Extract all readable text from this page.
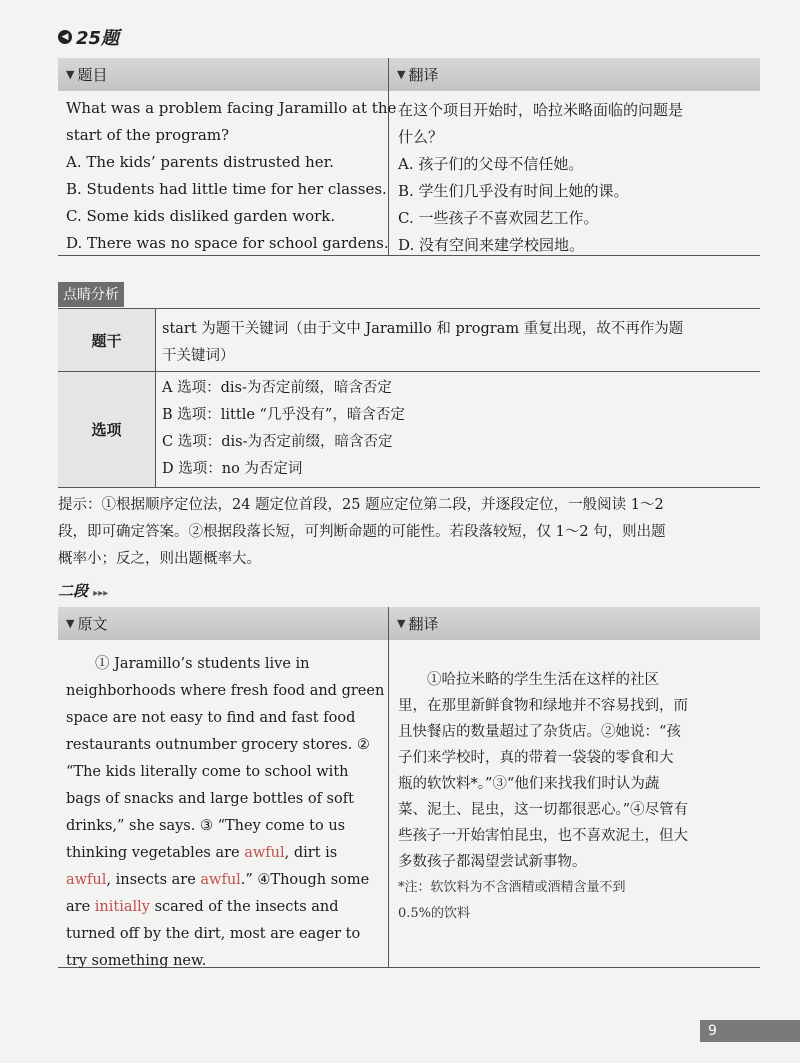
◀ 25题
▼ 题目	▼ 翻译
What was a problem facing Jaramillo at the
start of the program?
A. The kids’ parents distrusted her.
B. Students had little time for her classes.
C. Some kids disliked garden work.
D. There was no space for school gardens.
在这个项目开始时，哈拉米略面临的问题是
什么？
A. 孩子们的父母不信任她。
B. 学生们几乎没有时间上她的课。
C. 一些孩子不喜欢园艺工作。
D. 没有空间来建学校园地。
点睛分析
题干
选项
start 为题干关键词（由于文中 Jaramillo 和 program 重复出现，故不再作为题
干关键词）
A 选项：dis-为否定前缀，暗含否定
B 选项：little “几乎没有”，暗含否定
C 选项：dis-为否定前缀，暗含否定
D 选项：no 为否定词

提示：①根据顺序定位法，24 题定位首段，25 题应定位第二段，并逐段定位，一般阅读 1～2

段，即可确定答案。②根据段落长短，可判断命题的可能性。若段落较短，仅 1～2 句，则出题

概率小；反之，则出题概率大。

二段 ▸▸▸
▼ 原文	▼ 翻译

　　① Jaramillo’s students live in

neighborhoods where fresh food and green

space are not easy to find and fast food

restaurants outnumber grocery stores. ②

“The kids literally come to school with

bags of snacks and large bottles of soft

drinks,” she says. ③ “They come to us

thinking vegetables are awful, dirt is

awful, insects are awful.” ④Though some

are initially scared of the insects and

turned off by the dirt, most are eager to

try something new.

　　①哈拉米略的学生生活在这样的社区

里，在那里新鲜食物和绿地并不容易找到，而

且快餐店的数量超过了杂货店。②她说：“孩

子们来学校时，真的带着一袋袋的零食和大

瓶的软饮料*。”③“他们来找我们时认为蔬

菜、泥土、昆虫，这一切都很恶心。”④尽管有

些孩子一开始害怕昆虫，也不喜欢泥土，但大

多数孩子都渴望尝试新事物。

*注：软饮料为不含酒精或酒精含量不到

0.5%的饮料

9
